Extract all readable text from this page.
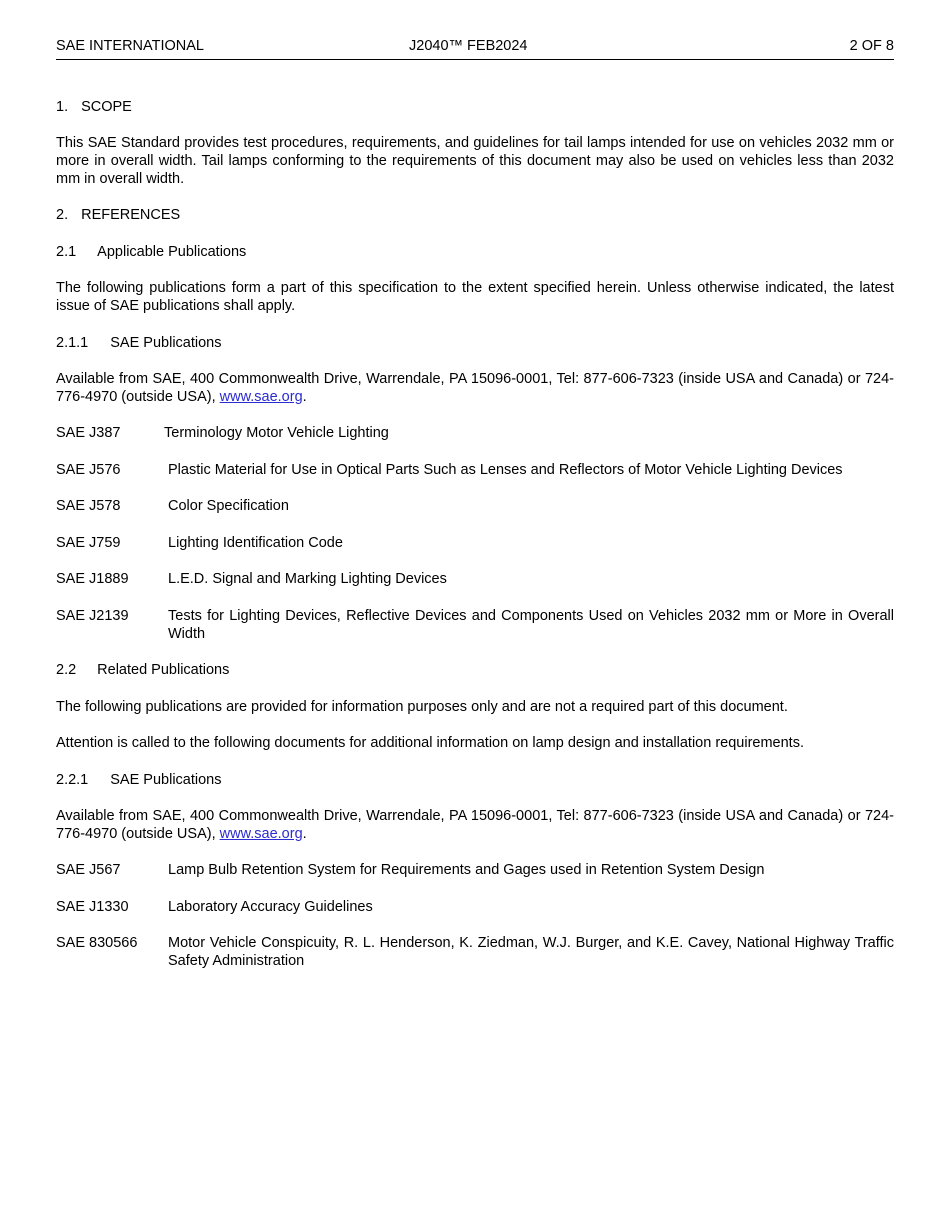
SAE INTERNATIONAL	J2040™ FEB2024	2 OF 8
1. SCOPE
This SAE Standard provides test procedures, requirements, and guidelines for tail lamps intended for use on vehicles 2032 mm or more in overall width. Tail lamps conforming to the requirements of this document may also be used on vehicles less than 2032 mm in overall width.
2. REFERENCES
2.1 Applicable Publications
The following publications form a part of this specification to the extent specified herein. Unless otherwise indicated, the latest issue of SAE publications shall apply.
2.1.1 SAE Publications
Available from SAE, 400 Commonwealth Drive, Warrendale, PA 15096-0001, Tel: 877-606-7323 (inside USA and Canada) or 724-776-4970 (outside USA), www.sae.org.
SAE J387	Terminology Motor Vehicle Lighting
SAE J576	Plastic Material for Use in Optical Parts Such as Lenses and Reflectors of Motor Vehicle Lighting Devices
SAE J578	Color Specification
SAE J759	Lighting Identification Code
SAE J1889	L.E.D. Signal and Marking Lighting Devices
SAE J2139	Tests for Lighting Devices, Reflective Devices and Components Used on Vehicles 2032 mm or More in Overall Width
2.2 Related Publications
The following publications are provided for information purposes only and are not a required part of this document.
Attention is called to the following documents for additional information on lamp design and installation requirements.
2.2.1 SAE Publications
Available from SAE, 400 Commonwealth Drive, Warrendale, PA 15096-0001, Tel: 877-606-7323 (inside USA and Canada) or 724-776-4970 (outside USA), www.sae.org.
SAE J567	Lamp Bulb Retention System for Requirements and Gages used in Retention System Design
SAE J1330	Laboratory Accuracy Guidelines
SAE 830566 Motor Vehicle Conspicuity, R. L. Henderson, K. Ziedman, W.J. Burger, and K.E. Cavey, National Highway Traffic Safety Administration
